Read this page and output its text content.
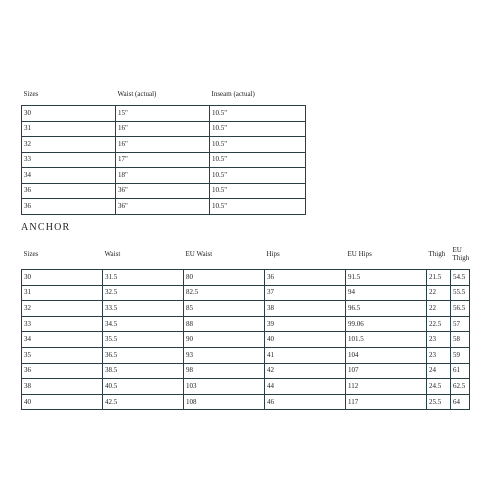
Sizes	Waist (actual)	Inseam (actual)
30	15"	10.5"
31	16"	10.5"
32	16"	10.5"
33	17"	10.5"
34	18"	10.5"
36	36"	10.5"
36	36"	10.5"
ANCHOR
Sizes	Waist	EU Waist	Hips	EU Hips	Thigh	EU Thigh
30	31.5	80	36	91.5	21.5	54.5
31	32.5	82.5	37	94	22	55.5
32	33.5	85	38	96.5	22	56.5
33	34.5	88	39	99.06	22.5	57
34	35.5	90	40	101.5	23	58
35	36.5	93	41	104	23	59
36	38.5	98	42	107	24	61
38	40.5	103	44	112	24.5	62.5
40	42.5	108	46	117	25.5	64
